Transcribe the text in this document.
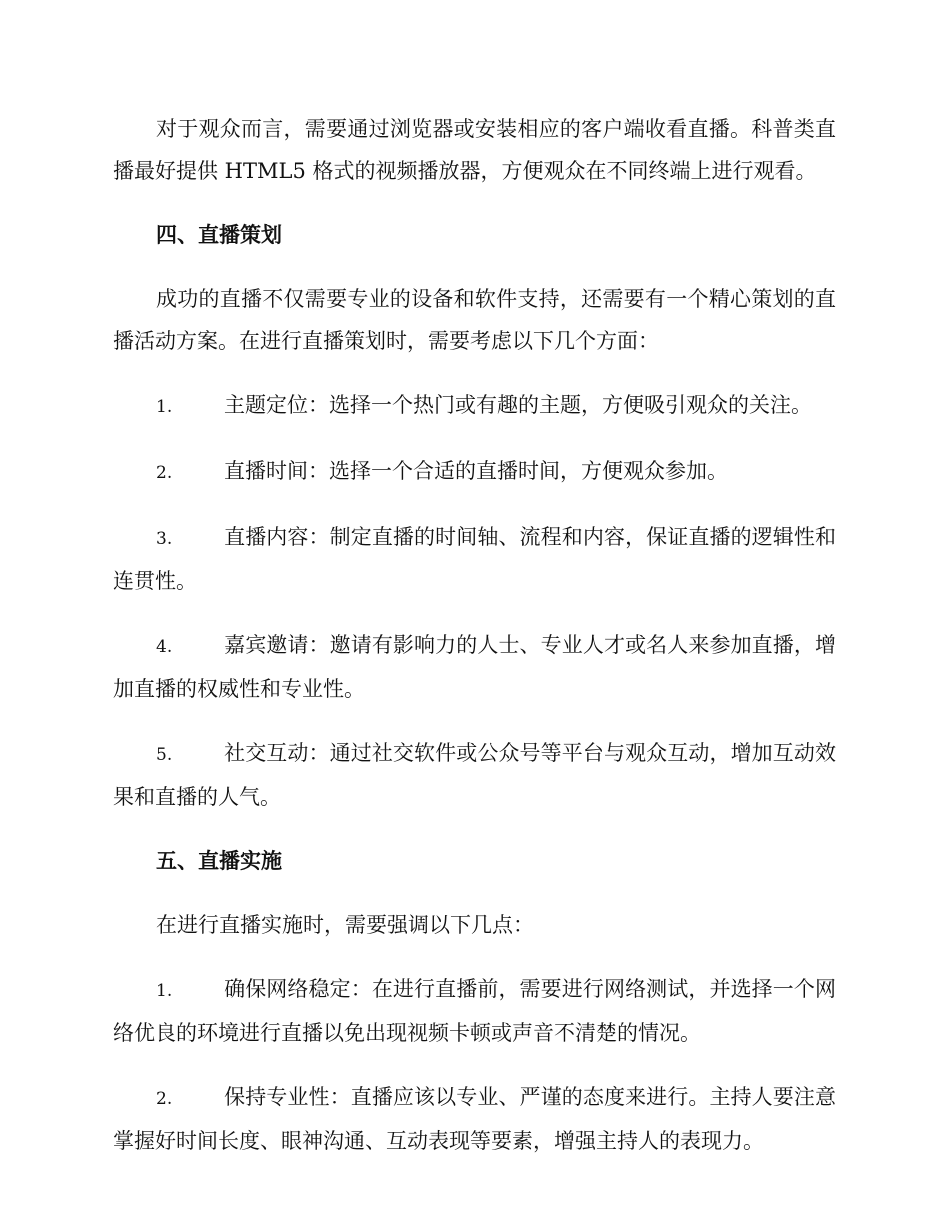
对于观众而言，需要通过浏览器或安装相应的客户端收看直播。科普类直播最好提供 HTML5 格式的视频播放器，方便观众在不同终端上进行观看。

四、直播策划

成功的直播不仅需要专业的设备和软件支持，还需要有一个精心策划的直播活动方案。在进行直播策划时，需要考虑以下几个方面：

1. 主题定位：选择一个热门或有趣的主题，方便吸引观众的关注。

2. 直播时间：选择一个合适的直播时间，方便观众参加。

3. 直播内容：制定直播的时间轴、流程和内容，保证直播的逻辑性和连贯性。

4. 嘉宾邀请：邀请有影响力的人士、专业人才或名人来参加直播，增加直播的权威性和专业性。

5. 社交互动：通过社交软件或公众号等平台与观众互动，增加互动效果和直播的人气。

五、直播实施

在进行直播实施时，需要强调以下几点：

1. 确保网络稳定：在进行直播前，需要进行网络测试，并选择一个网络优良的环境进行直播以免出现视频卡顿或声音不清楚的情况。

2. 保持专业性：直播应该以专业、严谨的态度来进行。主持人要注意掌握好时间长度、眼神沟通、互动表现等要素，增强主持人的表现力。
